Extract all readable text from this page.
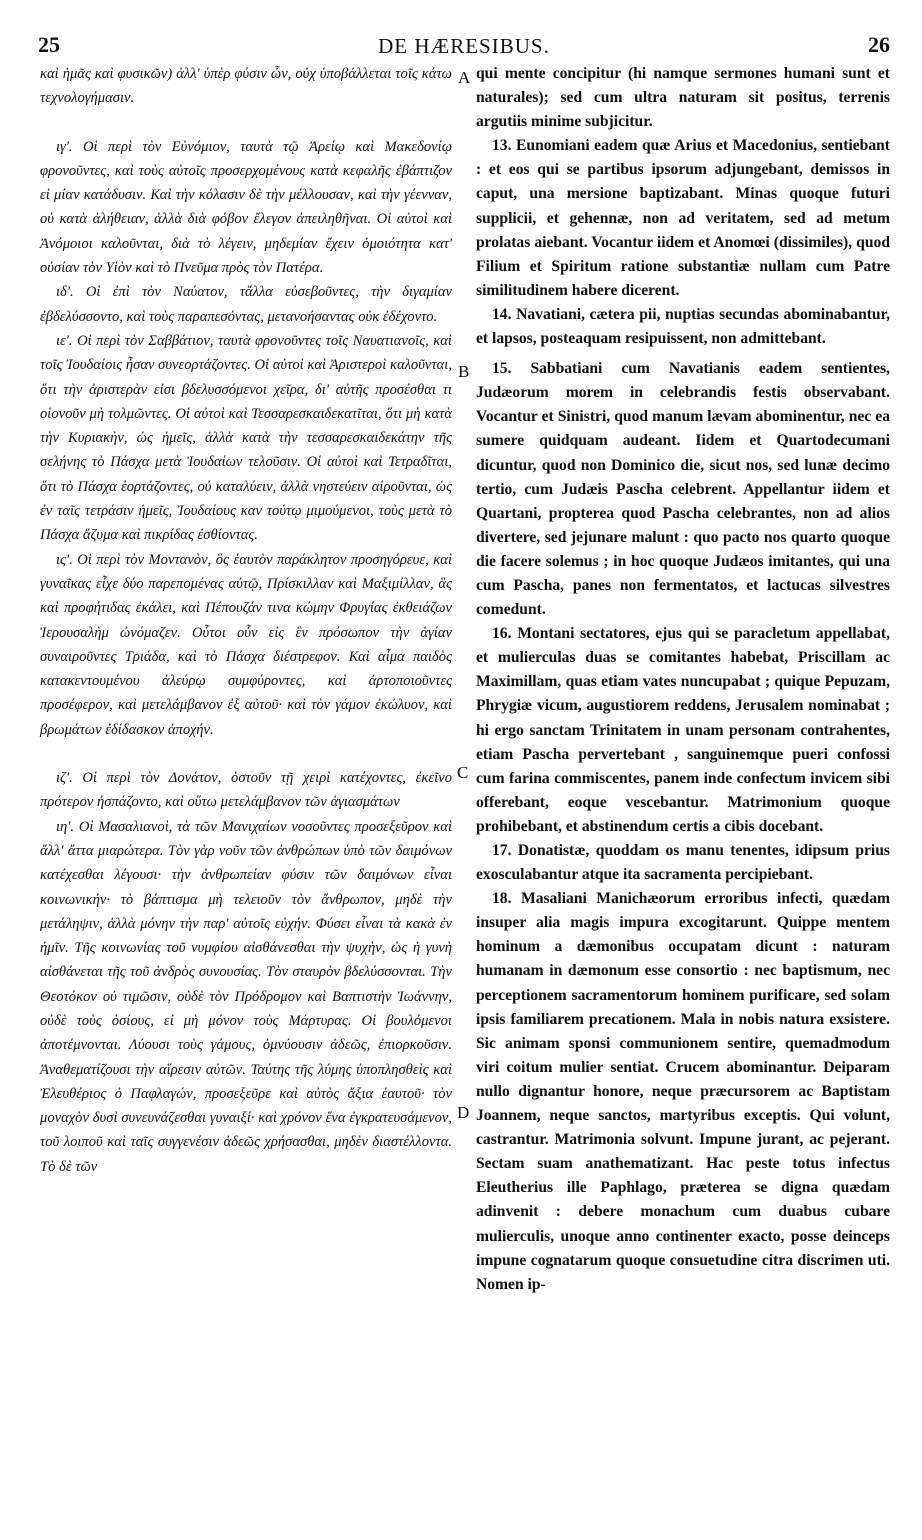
25	DE HÆRESIBUS.	26

καὶ ἡμᾶς καὶ φυσικῶν) ἀλλ' ὑπὲρ φύσιν ὦν, οὐχ ὑποβάλλεται τοῖς κάτω τεχνολογήμασιν.

ιγ'. Οἱ περὶ τὸν Εὐνόμιον, ταυτὰ τῷ Ἀρείῳ καὶ Μακεδονίῳ φρονοῦντες, καὶ τοὺς αὐτοῖς προσερχομένους κατὰ κεφαλῆς ἐβάπτιζον εἰ μίαν κατάδυσιν. Καὶ τὴν κόλασιν δὲ τὴν μέλλουσαν, καὶ τὴν γέενναν, οὐ κατὰ ἀλήθειαν, ἀλλὰ διὰ φόβον ἔλεγον ἀπειληθῆναι. Οἱ αὐτοὶ καὶ Ἀνόμοιοι καλοῦνται, διὰ τὸ λέγειν, μηδεμίαν ἔχειν ὁμοιότητα κατ' οὐσίαν τὸν Υἱὸν καὶ τὸ Πνεῦμα πρὸς τὸν Πατέρα.

ιδ'. Οἱ ἐπὶ τὸν Ναύατον, τἄλλα εὐσεβοῦντες, τὴν διγαμίαν ἐβδελύσσοντο, καὶ τοὺς παραπεσόντας, μετανοήσαντας οὐκ ἐδέχοντο.

ιε'. Οἱ περὶ τὸν Σαββάτιον, ταυτὰ φρονοῦντες τοῖς Ναυατιανοῖς, καὶ τοῖς Ἰουδαίοις ἦσαν συνεορτάζοντες. Οἱ αὐτοὶ καὶ Ἀριστεροὶ καλοῦνται, ὅτι τὴν ἀριστερὰν εἰσι βδελυσσόμενοι χεῖρα, δι' αὐτῆς προσέσθαι τι οἱονοῦν μὴ τολμῶντες. Οἱ αὐτοὶ καὶ Τεσσαρεσκαιδεκατῖται, ὅτι μὴ κατὰ τὴν Κυριακὴν, ὡς ἡμεῖς, ἀλλὰ κατὰ τὴν τεσσαρεσκαιδεκάτην τῆς σελήνης τὸ Πάσχα μετὰ Ἰουδαίων τελοῦσιν. Οἱ αὐτοὶ καὶ Τετραδῖται, ὅτι τὸ Πάσχα ἑορτάζοντες, οὐ καταλύειν, ἀλλὰ νηστεύειν αἱροῦνται, ὡς ἐν ταῖς τετράσιν ἡμεῖς, Ἰουδαίους καν τούτῳ μιμούμενοι, τοὺς μετὰ τὸ Πάσχα ἄζυμα καὶ πικρίδας ἐσθίοντας.

ις'. Οἱ περὶ τὸν Μοντανὸν, ὃς ἑαυτὸν παράκλητον προσηγόρευε, καὶ γυναῖκας εἶχε δύο παρεπομένας αὐτῷ, Πρίσκιλλαν καὶ Μαξιμίλλαν, ἃς καὶ προφήτιδας ἐκάλει, καὶ Πέπουζάν τινα κώμην Φρυγίας ἐκθειάζων Ἱερουσαλὴμ ὠνόμαζεν. Οὗτοι οὖν εἰς ἓν πρόσωπον τὴν ἁγίαν συναιροῦντες Τριάδα, καὶ τὸ Πάσχα διέστρεφον. Καὶ αἷμα παιδὸς κατακεντουμένου ἀλεύρῳ συμφύροντες, καὶ ἀρτοποιοῦντες προσέφερον, καὶ μετελάμβανον ἐξ αὐτοῦ· καὶ τὸν γάμον ἐκώλυον, καὶ βρωμάτων ἐδίδασκον ἀποχήν.

ιζ'. Οἱ περὶ τὸν Δονάτον, ὀστοῦν τῇ χειρὶ κατέχοντες, ἐκεῖνο πρότερον ἠσπάζοντο, καὶ οὕτω μετελάμβανον τῶν ἁγιασμάτων

ιη'. Οἱ Μασαλιανοὶ, τὰ τῶν Μανιχαίων νοσοῦντες προσεξεῦρον καὶ ἄλλ' ἄττα μιαρώτερα. Τὸν γὰρ νοῦν τῶν ἀνθρώπων ὑπὸ τῶν δαιμόνων κατέχεσθαι λέγουσι· τὴν ἀνθρωπείαν φύσιν τῶν δαιμόνων εἶναι κοινωνικήν· τὸ βάπτισμα μὴ τελειοῦν τὸν ἄνθρωπον, μηδὲ τὴν μετάληψιν, ἀλλὰ μόνην τὴν παρ' αὐτοῖς εὐχήν. Φύσει εἶναι τὰ κακὰ ἐν ἡμῖν. Τῆς κοινωνίας τοῦ νυμφίου αἰσθάνεσθαι τὴν ψυχὴν, ὡς ἡ γυνὴ αἰσθάνεται τῆς τοῦ ἀνδρὸς συνουσίας. Τὸν σταυρὸν βδελύσσονται. Τὴν Θεοτόκον οὐ τιμῶσιν, οὐδὲ τὸν Πρόδρομον καὶ Βαπτιστὴν Ἰωάννην, οὐδὲ τοὺς ὁσίους, εἰ μὴ μόνον τοὺς Μάρτυρας. Οἱ βουλόμενοι ἀποτέμνονται. Λύουσι τοὺς γάμους, ὀμνύουσιν ἀδεῶς, ἐπιορκοῦσιν. Ἀναθεματίζουσι τὴν αἵρεσιν αὐτῶν. Ταύτης τῆς λύμης ὑποπλησθεὶς καὶ Ἐλευθέριος ὁ Παφλαγών, προσεξεῦρε καὶ αὐτὸς ἄξια ἑαυτοῦ· τὸν μοναχὸν δυσὶ συνευνάζεσθαι γυναιξί· καὶ χρόνον ἕνα ἐγκρατευσάμενον, τοῦ λοιποῦ καὶ ταῖς συγγενέσιν ἀδεῶς χρήσασθαι, μηδὲν διαστέλλοντα. Τὸ δὲ τῶν

A
B
C
D

qui mente concipitur (hi namque sermones humani sunt et naturales); sed cum ultra naturam sit positus, terrenis argutiis minime subjicitur.

13. Eunomiani eadem quæ Arius et Macedonius, sentiebant : et eos qui se partibus ipsorum adjungebant, demissos in caput, una mersione baptizabant. Minas quoque futuri supplicii, et gehennæ, non ad veritatem, sed ad metum prolatas aiebant. Vocantur iidem et Anomœi (dissimiles), quod Filium et Spiritum ratione substantiæ nullam cum Patre similitudinem habere dicerent.

14. Navatiani, cætera pii, nuptias secundas abominabantur, et lapsos, posteaquam resipuissent, non admittebant.

15. Sabbatiani cum Navatianis eadem sentientes, Judæorum morem in celebrandis festis observabant. Vocantur et Sinistri, quod manum lævam abominentur, nec ea sumere quidquam audeant. Iidem et Quartodecumani dicuntur, quod non Dominico die, sicut nos, sed lunæ decimo tertio, cum Judæis Pascha celebrent. Appellantur iidem et Quartani, propterea quod Pascha celebrantes, non ad alios divertere, sed jejunare malunt : quo pacto nos quarto quoque die facere solemus ; in hoc quoque Judæos imitantes, qui una cum Pascha, panes non fermentatos, et lactucas silvestres comedunt.

16. Montani sectatores, ejus qui se paracletum appellabat, et mulierculas duas se comitantes habebat, Priscillam ac Maximillam, quas etiam vates nuncupabat ; quique Pepuzam, Phrygiæ vicum, augustiorem reddens, Jerusalem nominabat ; hi ergo sanctam Trinitatem in unam personam contrahentes, etiam Pascha pervertebant , sanguinemque pueri confossi cum farina commiscentes, panem inde confectum invicem sibi offerebant, eoque vescebantur. Matrimonium quoque prohibebant, et abstinendum certis a cibis docebant.

17. Donatistæ, quoddam os manu tenentes, idipsum prius exosculabantur atque ita sacramenta percipiebant.

18. Masaliani Manichæorum erroribus infecti, quædam insuper alia magis impura excogitarunt. Quippe mentem hominum a dæmonibus occupatam dicunt : naturam humanam in dæmonum esse consortio : nec baptismum, nec perceptionem sacramentorum hominem purificare, sed solam ipsis familiarem precationem. Mala in nobis natura exsistere. Sic animam sponsi communionem sentire, quemadmodum viri coitum mulier sentiat. Crucem abominantur. Deiparam nullo dignantur honore, neque præcursorem ac Baptistam Joannem, neque sanctos, martyribus exceptis. Qui volunt, castrantur. Matrimonia solvunt. Impune jurant, ac pejerant. Sectam suam anathematizant. Hac peste totus infectus Eleutherius ille Paphlago, præterea se digna quædam adinvenit : debere monachum cum duabus cubare mulierculis, unoque anno continenter exacto, posse deinceps impune cognatarum quoque consuetudine citra discrimen uti. Nomen ip-
